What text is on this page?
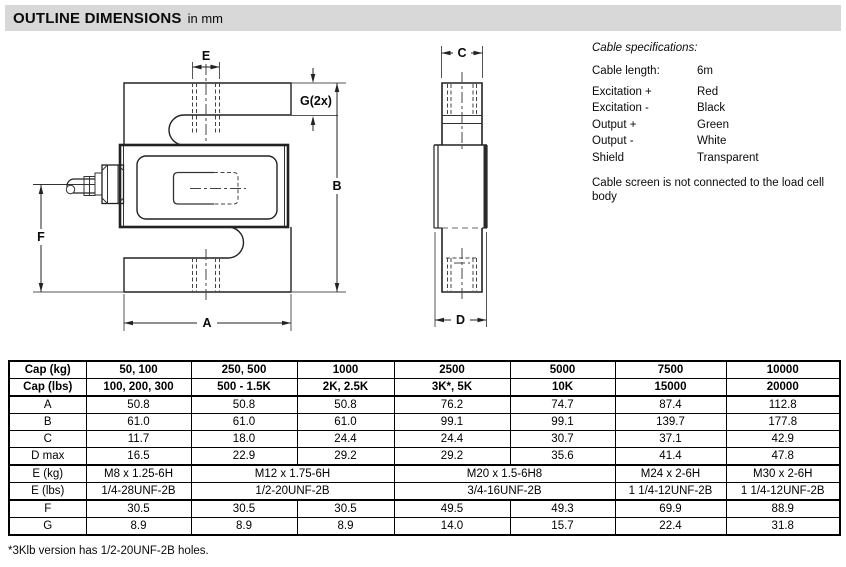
OUTLINE DIMENSIONS in mm
E
G(2x)
B
F
A
C
D
Cable specifications:
Cable length:	6m
Excitation +	Red
Excitation -	Black
Output +	Green
Output -	White
Shield	Transparent
Cable screen is not connected to the load cell body
Cap (kg)	50, 100	250, 500	1000	2500	5000	7500	10000
Cap (lbs)	100, 200, 300	500 - 1.5K	2K, 2.5K	3K*, 5K	10K	15000	20000
A	50.8	50.8	50.8	76.2	74.7	87.4	112.8
B	61.0	61.0	61.0	99.1	99.1	139.7	177.8
C	11.7	18.0	24.4	24.4	30.7	37.1	42.9
D max	16.5	22.9	29.2	29.2	35.6	41.4	47.8
E (kg)	M8 x 1.25-6H	M12 x 1.75-6H		M20 x 1.5-6H8		M24 x 2-6H	M30 x 2-6H
E (lbs)	1/4-28UNF-2B	1/2-20UNF-2B		3/4-16UNF-2B		1 1/4-12UNF-2B	1 1/4-12UNF-2B
F	30.5	30.5	30.5	49.5	49.3	69.9	88.9
G	8.9	8.9	8.9	14.0	15.7	22.4	31.8
*3Klb version has 1/2-20UNF-2B holes.
